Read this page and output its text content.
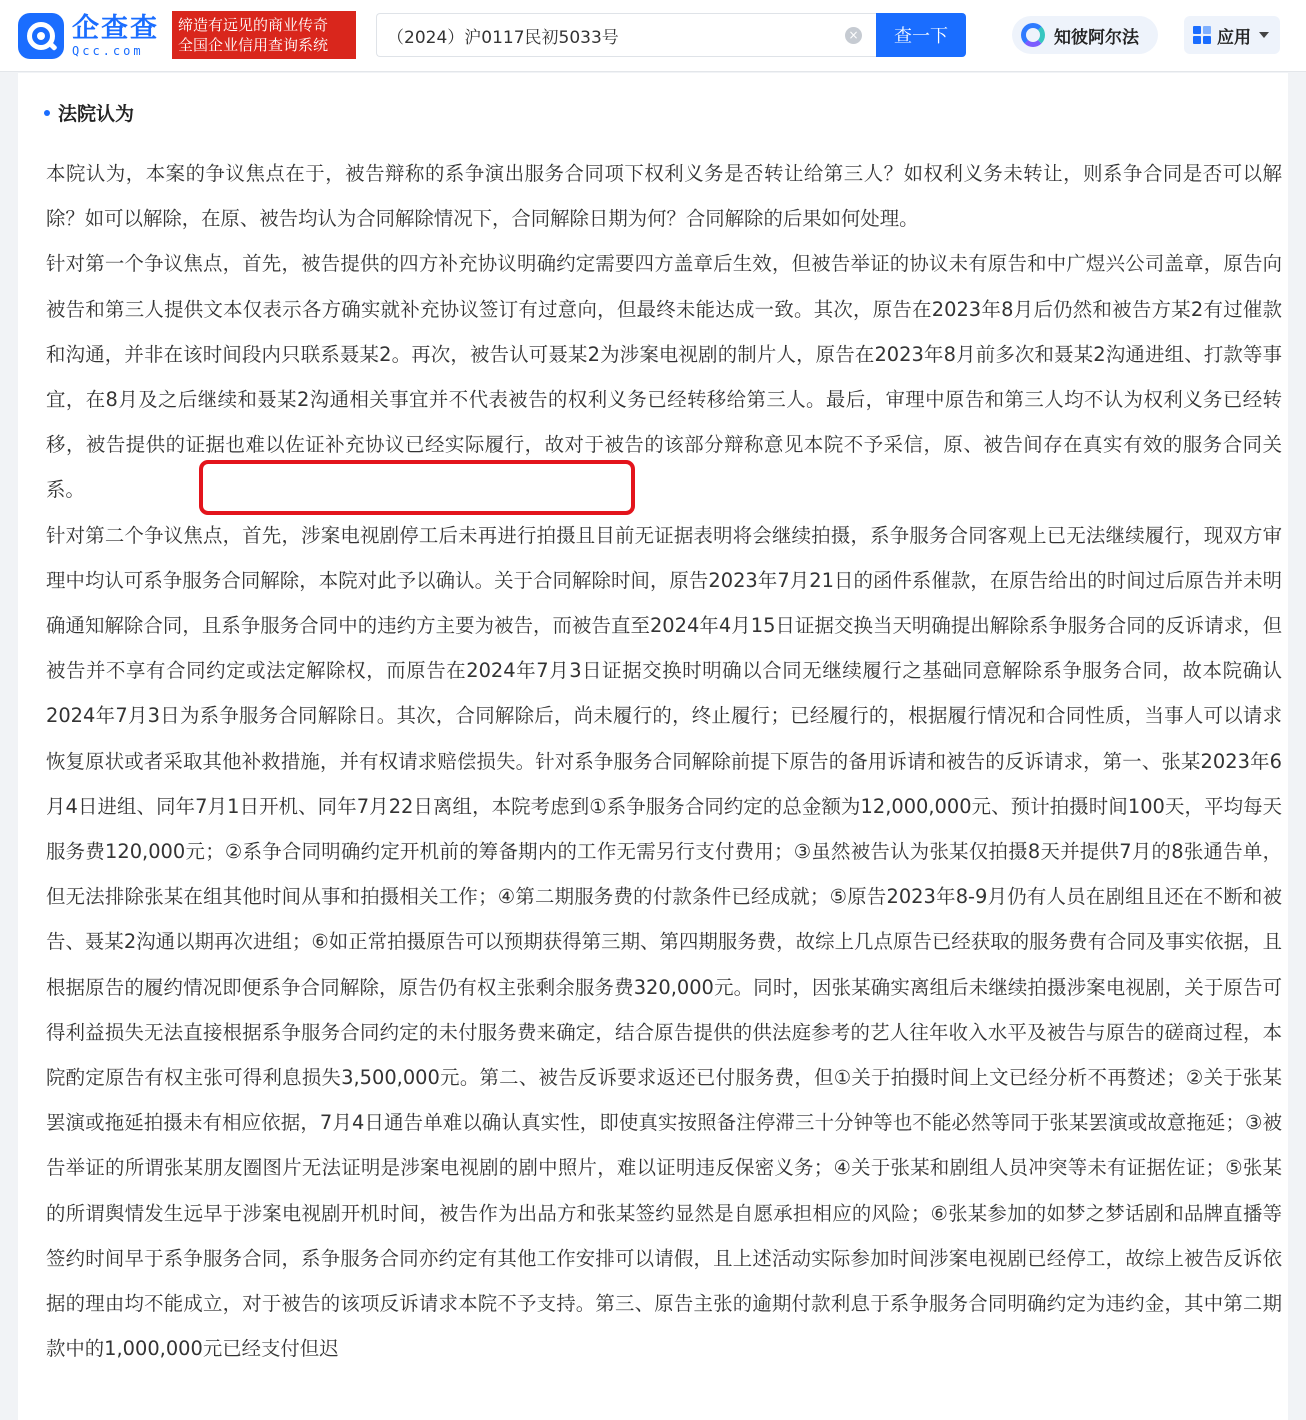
企查查
Qcc.com
缔造有远见的商业传奇
全国企业信用查询系统
（2024）沪0117民初5033号
×	查一下	知彼阿尔法	应用
法院认为

本院认为，本案的争议焦点在于，被告辩称的系争演出服务合同项下权利义务是否转让给第三人？如权利义务未转让，则系争合同是否可以解除？如可以解除，在原、被告均认为合同解除情况下，合同解除日期为何？合同解除的后果如何处理。

针对第一个争议焦点，首先，被告提供的四方补充协议明确约定需要四方盖章后生效，但被告举证的协议未有原告和中广煜兴公司盖章，原告向被告和第三人提供文本仅表示各方确实就补充协议签订有过意向，但最终未能达成一致。其次，原告在2023年8月后仍然和被告方某2有过催款和沟通，并非在该时间段内只联系聂某2。再次，被告认可聂某2为涉案电视剧的制片人，原告在2023年8月前多次和聂某2沟通进组、打款等事宜，在8月及之后继续和聂某2沟通相关事宜并不代表被告的权利义务已经转移给第三人。最后，审理中原告和第三人均不认为权利义务已经转移，被告提供的证据也难以佐证补充协议已经实际履行，故对于被告的该部分辩称意见本院不予采信，原、被告间存在真实有效的服务合同关系。

针对第二个争议焦点，首先，涉案电视剧停工后未再进行拍摄且目前无证据表明将会继续拍摄，系争服务合同客观上已无法继续履行，现双方审理中均认可系争服务合同解除，本院对此予以确认。关于合同解除时间，原告2023年7月21日的函件系催款，在原告给出的时间过后原告并未明确通知解除合同，且系争服务合同中的违约方主要为被告，而被告直至2024年4月15日证据交换当天明确提出解除系争服务合同的反诉请求，但被告并不享有合同约定或法定解除权，而原告在2024年7月3日证据交换时明确以合同无继续履行之基础同意解除系争服务合同，故本院确认2024年7月3日为系争服务合同解除日。其次，合同解除后，尚未履行的，终止履行；已经履行的，根据履行情况和合同性质，当事人可以请求恢复原状或者采取其他补救措施，并有权请求赔偿损失。针对系争服务合同解除前提下原告的备用诉请和被告的反诉请求，第一、张某2023年6月4日进组、同年7月1日开机、同年7月22日离组，本院考虑到①系争服务合同约定的总金额为12,000,000元、预计拍摄时间100天，平均每天服务费120,000元；②系争合同明确约定开机前的筹备期内的工作无需另行支付费用；③虽然被告认为张某仅拍摄8天并提供7月的8张通告单，但无法排除张某在组其他时间从事和拍摄相关工作；④第二期服务费的付款条件已经成就；⑤原告2023年8-9月仍有人员在剧组且还在不断和被告、聂某2沟通以期再次进组；⑥如正常拍摄原告可以预期获得第三期、第四期服务费，故综上几点原告已经获取的服务费有合同及事实依据，且根据原告的履约情况即便系争合同解除，原告仍有权主张剩余服务费320,000元。同时，因张某确实离组后未继续拍摄涉案电视剧，关于原告可得利益损失无法直接根据系争服务合同约定的未付服务费来确定，结合原告提供的供法庭参考的艺人往年收入水平及被告与原告的磋商过程，本院酌定原告有权主张可得利息损失3,500,000元。第二、被告反诉要求返还已付服务费，但①关于拍摄时间上文已经分析不再赘述；②关于张某罢演或拖延拍摄未有相应依据，7月4日通告单难以确认真实性，即使真实按照备注停滞三十分钟等也不能必然等同于张某罢演或故意拖延；③被告举证的所谓张某朋友圈图片无法证明是涉案电视剧的剧中照片，难以证明违反保密义务；④关于张某和剧组人员冲突等未有证据佐证；⑤张某的所谓舆情发生远早于涉案电视剧开机时间，被告作为出品方和张某签约显然是自愿承担相应的风险；⑥张某参加的如梦之梦话剧和品牌直播等签约时间早于系争服务合同，系争服务合同亦约定有其他工作安排可以请假，且上述活动实际参加时间涉案电视剧已经停工，故综上被告反诉依据的理由均不能成立，对于被告的该项反诉请求本院不予支持。第三、原告主张的逾期付款利息于系争服务合同明确约定为违约金，其中第二期款中的1,000,000元已经支付但迟
